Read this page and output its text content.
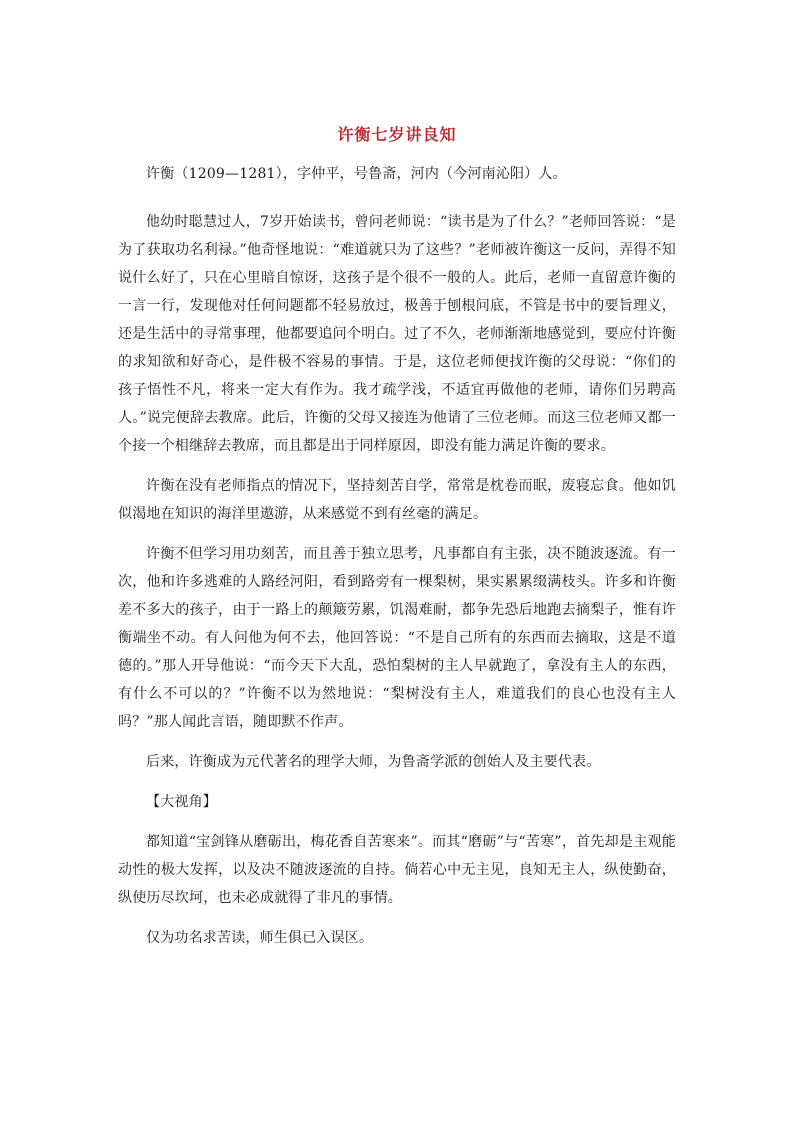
许衡七岁讲良知

许衡（1209—1281），字仲平，号鲁斋，河内（今河南沁阳）人。

他幼时聪慧过人，7岁开始读书，曾问老师说：“读书是为了什么？”老师回答说：“是为了获取功名利禄。”他奇怪地说：“难道就只为了这些？”老师被许衡这一反问，弄得不知说什么好了，只在心里暗自惊讶，这孩子是个很不一般的人。此后，老师一直留意许衡的一言一行，发现他对任何问题都不轻易放过，极善于刨根问底，不管是书中的要旨理义，还是生活中的寻常事理，他都要追问个明白。过了不久，老师渐渐地感觉到，要应付许衡的求知欲和好奇心，是件极不容易的事情。于是，这位老师便找许衡的父母说：“你们的孩子悟性不凡，将来一定大有作为。我才疏学浅，不适宜再做他的老师，请你们另聘高人。”说完便辞去教席。此后，许衡的父母又接连为他请了三位老师。而这三位老师又都一个接一个相继辞去教席，而且都是出于同样原因，即没有能力满足许衡的要求。

许衡在没有老师指点的情况下，坚持刻苦自学，常常是枕卷而眠，废寝忘食。他如饥似渴地在知识的海洋里遨游，从来感觉不到有丝毫的满足。

许衡不但学习用功刻苦，而且善于独立思考，凡事都自有主张，决不随波逐流。有一次，他和许多逃难的人路经河阳，看到路旁有一棵梨树，果实累累缀满枝头。许多和许衡差不多大的孩子，由于一路上的颠簸劳累，饥渴难耐，都争先恐后地跑去摘梨子，惟有许衡端坐不动。有人问他为何不去，他回答说：“不是自己所有的东西而去摘取，这是不道德的。”那人开导他说：“而今天下大乱，恐怕梨树的主人早就跑了，拿没有主人的东西，有什么不可以的？”许衡不以为然地说：“梨树没有主人，难道我们的良心也没有主人吗？”那人闻此言语，随即默不作声。

后来，许衡成为元代著名的理学大师，为鲁斋学派的创始人及主要代表。

【大视角】

都知道“宝剑锋从磨砺出，梅花香自苦寒来”。而其“磨砺”与“苦寒”，首先却是主观能动性的极大发挥，以及决不随波逐流的自持。倘若心中无主见，良知无主人，纵使勤奋，纵使历尽坎坷，也未必成就得了非凡的事情。

仅为功名求苦读，师生俱已入误区。
